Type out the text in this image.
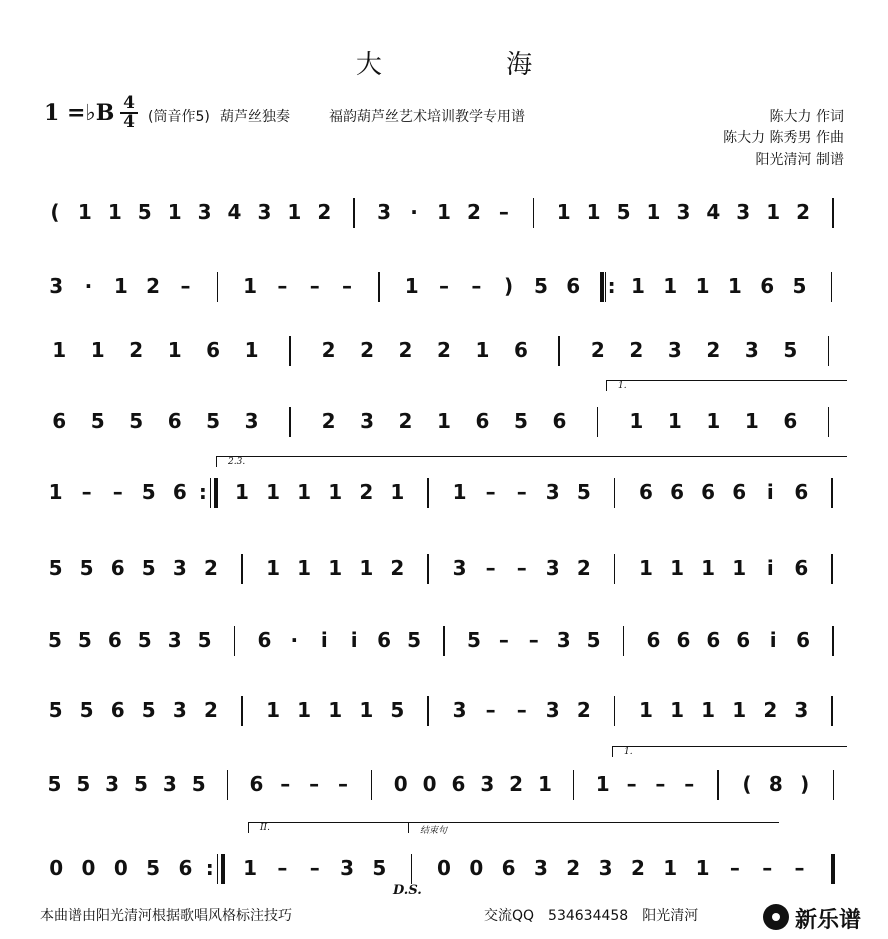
大 海
1 =♭B 4
4 (筒音作5) 葫芦丝独奏	福韵葫芦丝艺术培训教学专用谱	陈大力 作词
陈大力 陈秀男 作曲
阳光清河 制谱
( 1 1 5 1 3 4 3 1 2 3 · 1 2 – 1 1 5 1 3 4 3 1 2
3 · 1 2 –	1 – – –	1 – – ) 5 6 : 1 1 1 1 6 5
1 1 2 1 6 1	2 2 2 2 1 6	2 2 3 2 3 5
6 5 5 6 5 3	2 3 2 1 6 5 6	1 1 1 1 6
1 – – 5 6 : 1 1 1 1 2 1 1 – – 3 5 6 6 6 6 i 6
5 5 6 5 3 2 1 1 1 1 2 3 – – 3 2 1 1 1 1 i 6
5 5 6 5 3 5 6 · i i 6 5 5 – – 3 5 6 6 6 6 i 6
5 5 6 5 3 2 1 1 1 1 5 3 – – 3 2 1 1 1 1 2 3
5 5 3 5 3 5 6 – – – 0 0 6 3 2 1 1 – – – ( 8 )
0 0 0 5 6 : 1 – – 3 5	0 0 6 3 2 3 2 1 1 – – –
1.
2.3.
1.
II.	结束句
D.S.
本曲谱由阳光清河根据歌唱风格标注技巧	交流QQ　534634458　阳光清河	新乐谱
